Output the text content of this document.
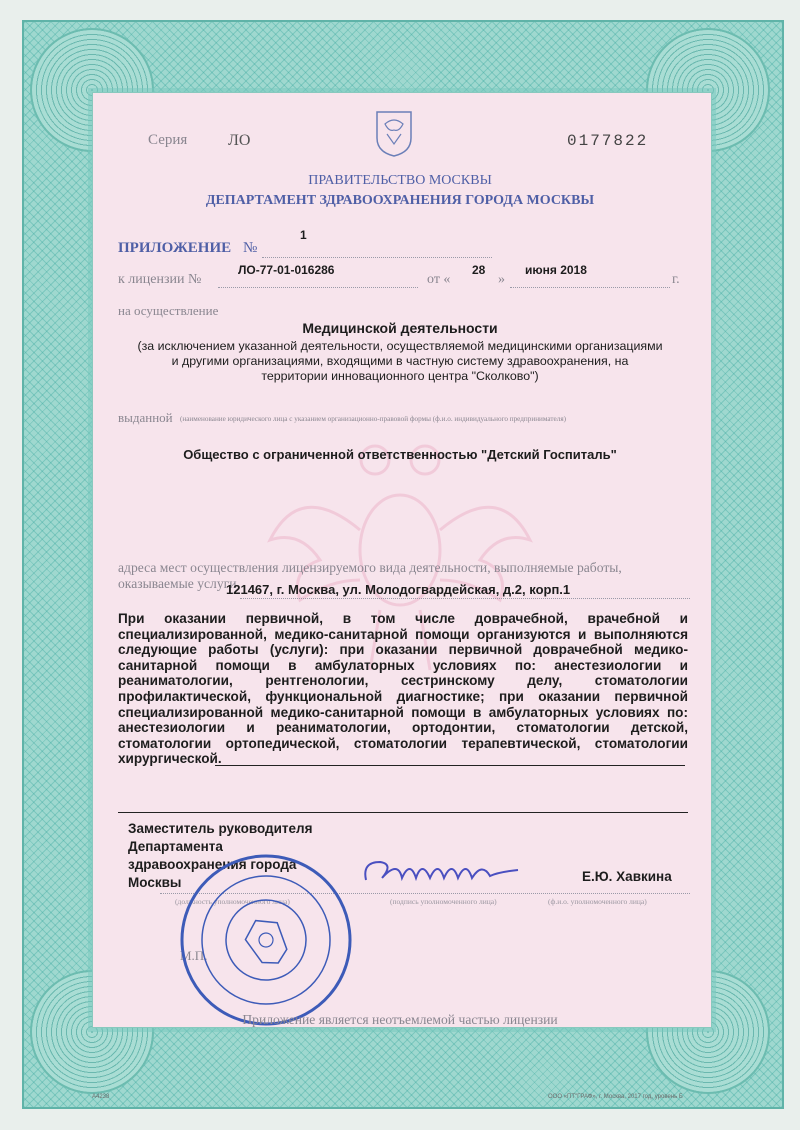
Серия	ЛО	0177822
ПРАВИТЕЛЬСТВО МОСКВЫ
ДЕПАРТАМЕНТ ЗДРАВООХРАНЕНИЯ ГОРОДА МОСКВЫ
ПРИЛОЖЕНИЕ №
1
к лицензии №
ЛО-77-01-016286
от «
28
»
июня 2018
г.
на осуществление
Медицинской деятельности
(за исключением указанной деятельности, осуществляемой медицинскими организациями
и другими организациями, входящими в частную систему здравоохранения, на
территории инновационного центра "Сколково")
выданной (наименование юридического лица с указанием организационно-правовой формы (ф.и.о. индивидуального предпринимателя)
Общество с ограниченной ответственностью "Детский Госпиталь"
адреса мест осуществления лицензируемого вида деятельности, выполняемые работы,
оказываемые услуги
121467, г. Москва, ул. Молодогвардейская, д.2, корп.1
При оказании первичной, в том числе доврачебной, врачебной и специализированной, медико-санитарной помощи организуются и выполняются следующие работы (услуги): при оказании первичной доврачебной медико-санитарной помощи в амбулаторных условиях по: анестезиологии и реаниматологии, рентгенологии, сестринскому делу, стоматологии профилактической, функциональной диагностике; при оказании первичной специализированной медико-санитарной помощи в амбулаторных условиях по: анестезиологии и реаниматологии, ортодонтии, стоматологии детской, стоматологии ортопедической, стоматологии терапевтической, стоматологии хирургической.
Заместитель руководителя
Департамента
здравоохранения города
Москвы	Е.Ю. Хавкина
(должность уполномоченного лица)	(подпись уполномоченного лица)	(ф.и.о. уполномоченного лица)
М.П.
Приложение является неотъемлемой частью лицензии
А4238	ООО «ПТ"ГРАФ», г. Москва, 2017 год, уровень Б
